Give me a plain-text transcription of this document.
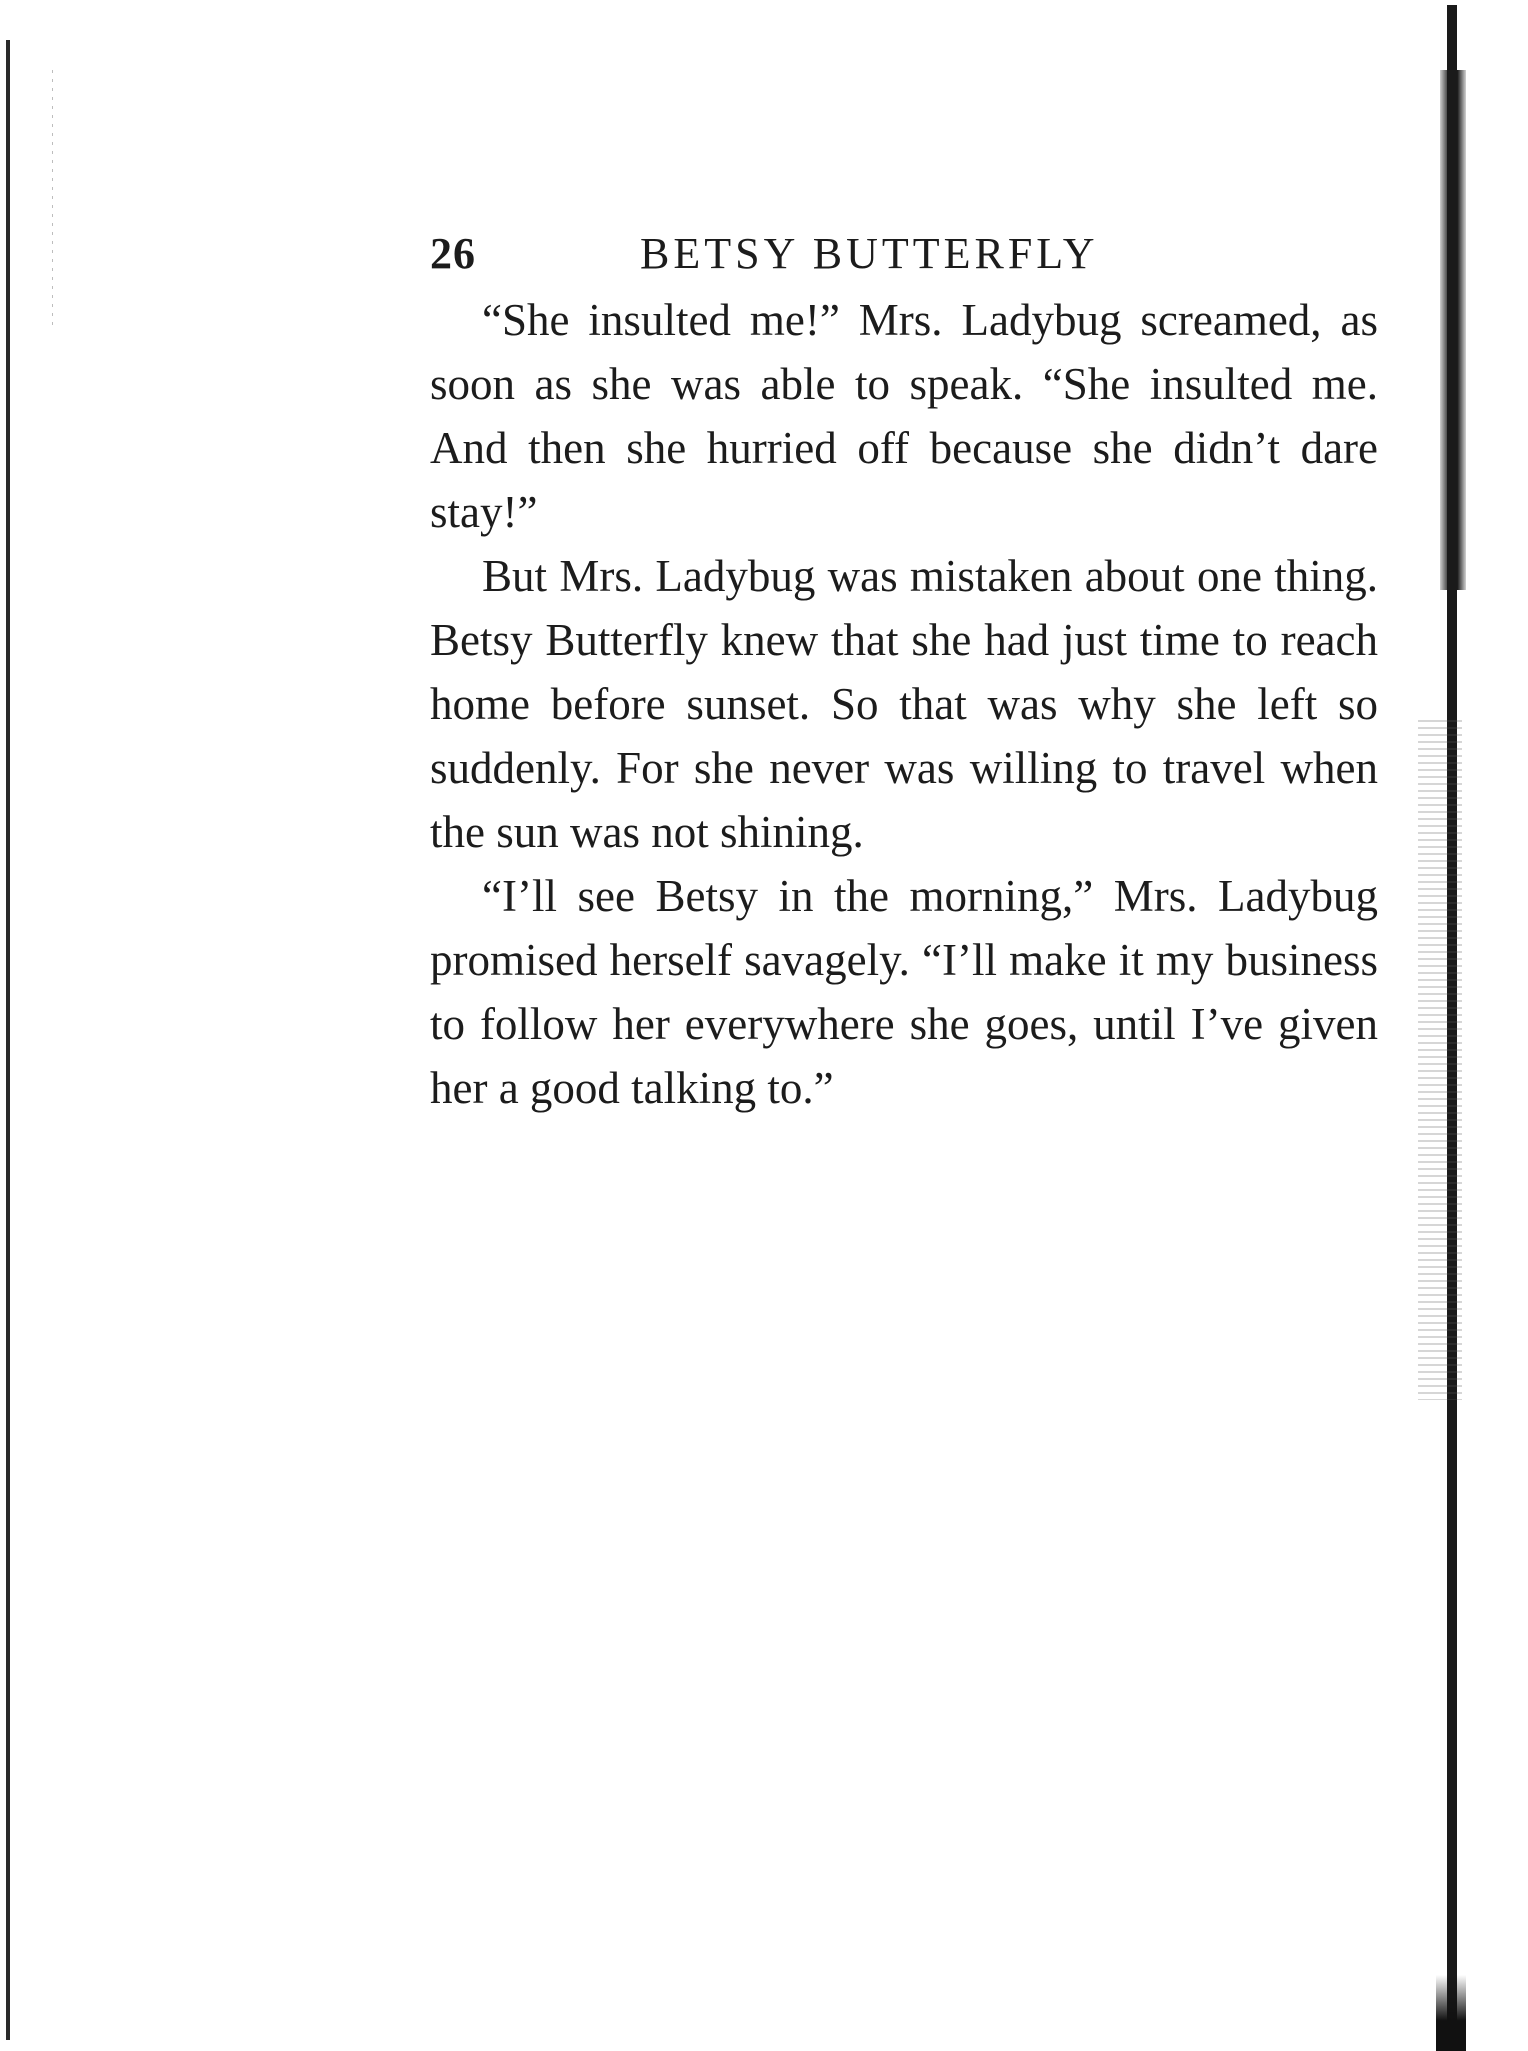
26	BETSY BUTTERFLY

“She insulted me!” Mrs. Ladybug screamed, as soon as she was able to speak. “She insulted me. And then she hurried off because she didn’t dare stay!”

But Mrs. Ladybug was mistaken about one thing. Betsy Butterfly knew that she had just time to reach home before sunset. So that was why she left so suddenly. For she never was willing to travel when the sun was not shining.

“I’ll see Betsy in the morning,” Mrs. Ladybug promised herself savagely. “I’ll make it my business to follow her everywhere she goes, until I’ve given her a good talking to.”
